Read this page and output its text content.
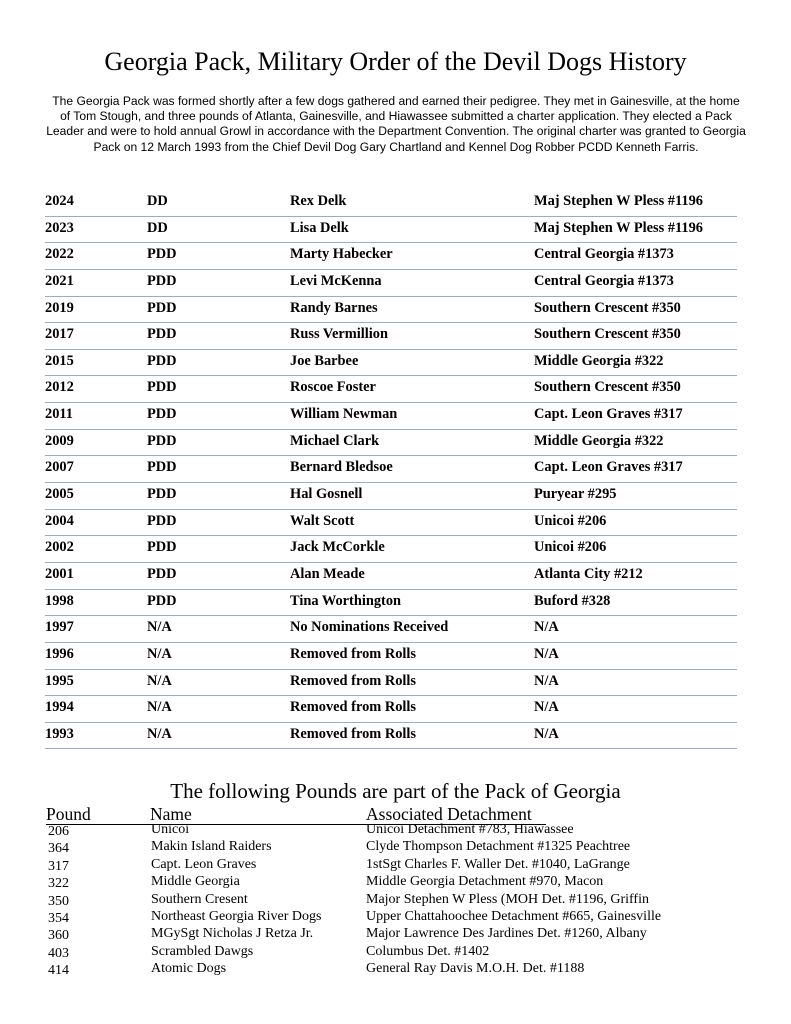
Georgia Pack, Military Order of the Devil Dogs History
The Georgia Pack was formed shortly after a few dogs gathered and earned their pedigree. They met in Gainesville, at the home of Tom Stough, and three pounds of Atlanta, Gainesville, and Hiawassee submitted a charter application. They elected a Pack Leader and were to hold annual Growl in accordance with the Department Convention. The original charter was granted to Georgia Pack on 12 March 1993 from the Chief Devil Dog Gary Chartland and Kennel Dog Robber PCDD Kenneth Farris.
2024	DD	Rex Delk	Maj Stephen W Pless #1196
2023	DD	Lisa Delk	Maj Stephen W Pless #1196
2022	PDD	Marty Habecker	Central Georgia #1373
2021	PDD	Levi McKenna	Central Georgia #1373
2019	PDD	Randy Barnes	Southern Crescent #350
2017	PDD	Russ Vermillion	Southern Crescent #350
2015	PDD	Joe Barbee	Middle Georgia #322
2012	PDD	Roscoe Foster	Southern Crescent #350
2011	PDD	William Newman	Capt. Leon Graves #317
2009	PDD	Michael Clark	Middle Georgia #322
2007	PDD	Bernard Bledsoe	Capt. Leon Graves #317
2005	PDD	Hal Gosnell	Puryear #295
2004	PDD	Walt Scott	Unicoi #206
2002	PDD	Jack McCorkle	Unicoi #206
2001	PDD	Alan Meade	Atlanta City #212
1998	PDD	Tina Worthington	Buford #328
1997	N/A	No Nominations Received	N/A
1996	N/A	Removed from Rolls	N/A
1995	N/A	Removed from Rolls	N/A
1994	N/A	Removed from Rolls	N/A
1993	N/A	Removed from Rolls	N/A
The following Pounds are part of the Pack of Georgia
Pound	Name	Associated Detachment
206	Unicoi	Unicoi Detachment #783, Hiawassee
364	Makin Island Raiders	Clyde Thompson Detachment #1325 Peachtree
317	Capt. Leon Graves	1stSgt Charles F. Waller Det. #1040, LaGrange
322	Middle Georgia	Middle Georgia Detachment #970, Macon
350	Southern Cresent	Major Stephen W Pless (MOH Det. #1196, Griffin
354	Northeast Georgia River Dogs	Upper Chattahoochee Detachment #665, Gainesville
360	MGySgt Nicholas J Retza Jr.	Major Lawrence Des Jardines Det. #1260, Albany
403	Scrambled Dawgs	Columbus Det. #1402
414	Atomic Dogs	General Ray Davis M.O.H. Det. #1188
